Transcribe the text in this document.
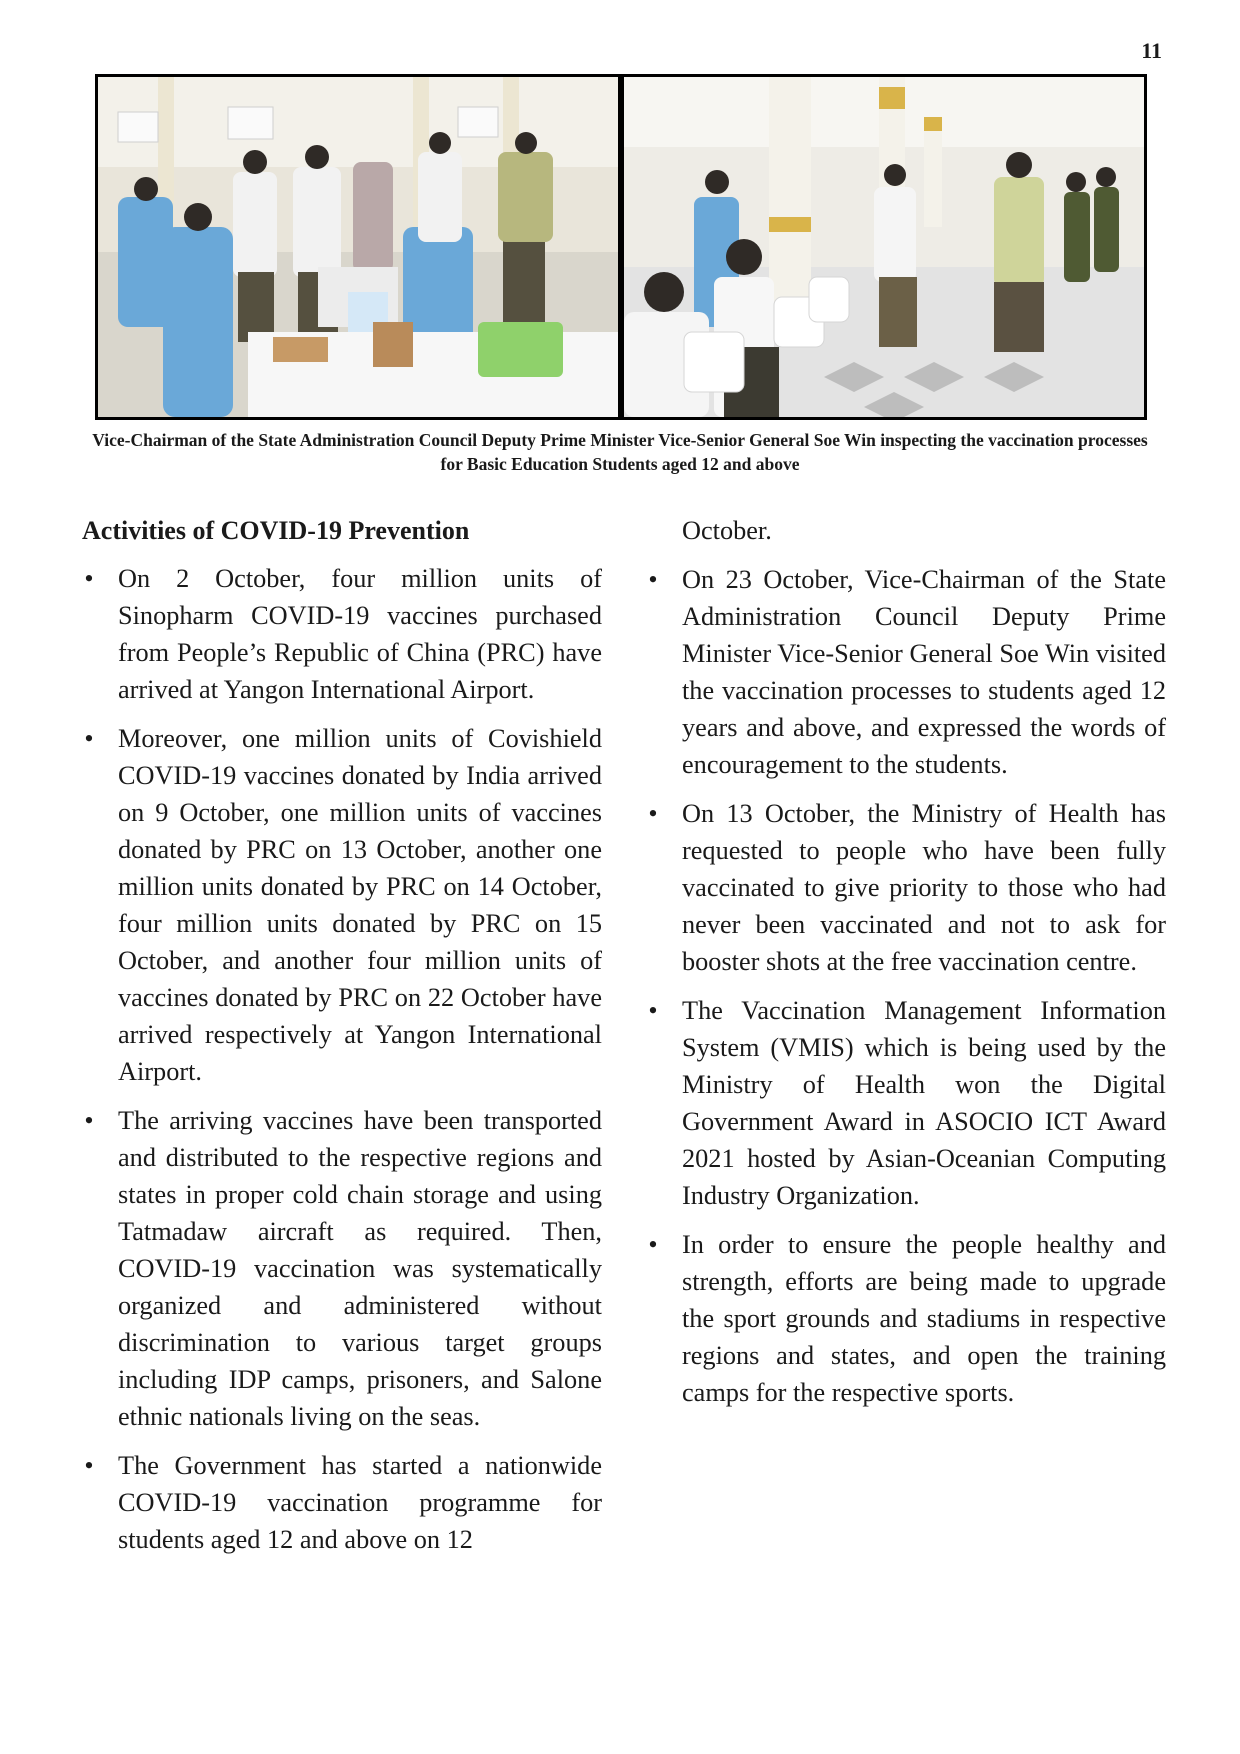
11
Vice-Chairman of the State Administration Council Deputy Prime Minister Vice-Senior General Soe Win inspecting the vaccination processes for Basic Education Students aged 12 and above
Activities of COVID-19 Prevention
• On 2 October, four million units of Sinopharm COVID-19 vaccines purchased from People’s Republic of China (PRC) have arrived at Yangon International Airport.
• Moreover, one million units of Covishield COVID-19 vaccines donated by India arrived on 9 October, one million units of vaccines donated by PRC on 13 October, another one million units donated by PRC on 14 October, four million units donated by PRC on 15 October, and another four million units of vaccines donated by PRC on 22 October have arrived respectively at Yangon International Airport.
• The arriving vaccines have been transported and distributed to the respective regions and states in proper cold chain storage and using Tatmadaw aircraft as required. Then, COVID-19 vaccination was systematically organized and administered without discrimination to various target groups including IDP camps, prisoners, and Salone ethnic nationals living on the seas.
• The Government has started a nationwide COVID-19 vaccination programme for students aged 12 and above on 12
October.
• On 23 October, Vice-Chairman of the State Administration Council Deputy Prime Minister Vice-Senior General Soe Win visited the vaccination processes to students aged 12 years and above, and expressed the words of encouragement to the students.
• On 13 October, the Ministry of Health has requested to people who have been fully vaccinated to give priority to those who had never been vaccinated and not to ask for booster shots at the free vaccination centre.
• The Vaccination Management Information System (VMIS) which is being used by the Ministry of Health won the Digital Government Award in ASOCIO ICT Award 2021 hosted by Asian-Oceanian Computing Industry Organization.
• In order to ensure the people healthy and strength, efforts are being made to upgrade the sport grounds and stadiums in respective regions and states, and open the training camps for the respective sports.
